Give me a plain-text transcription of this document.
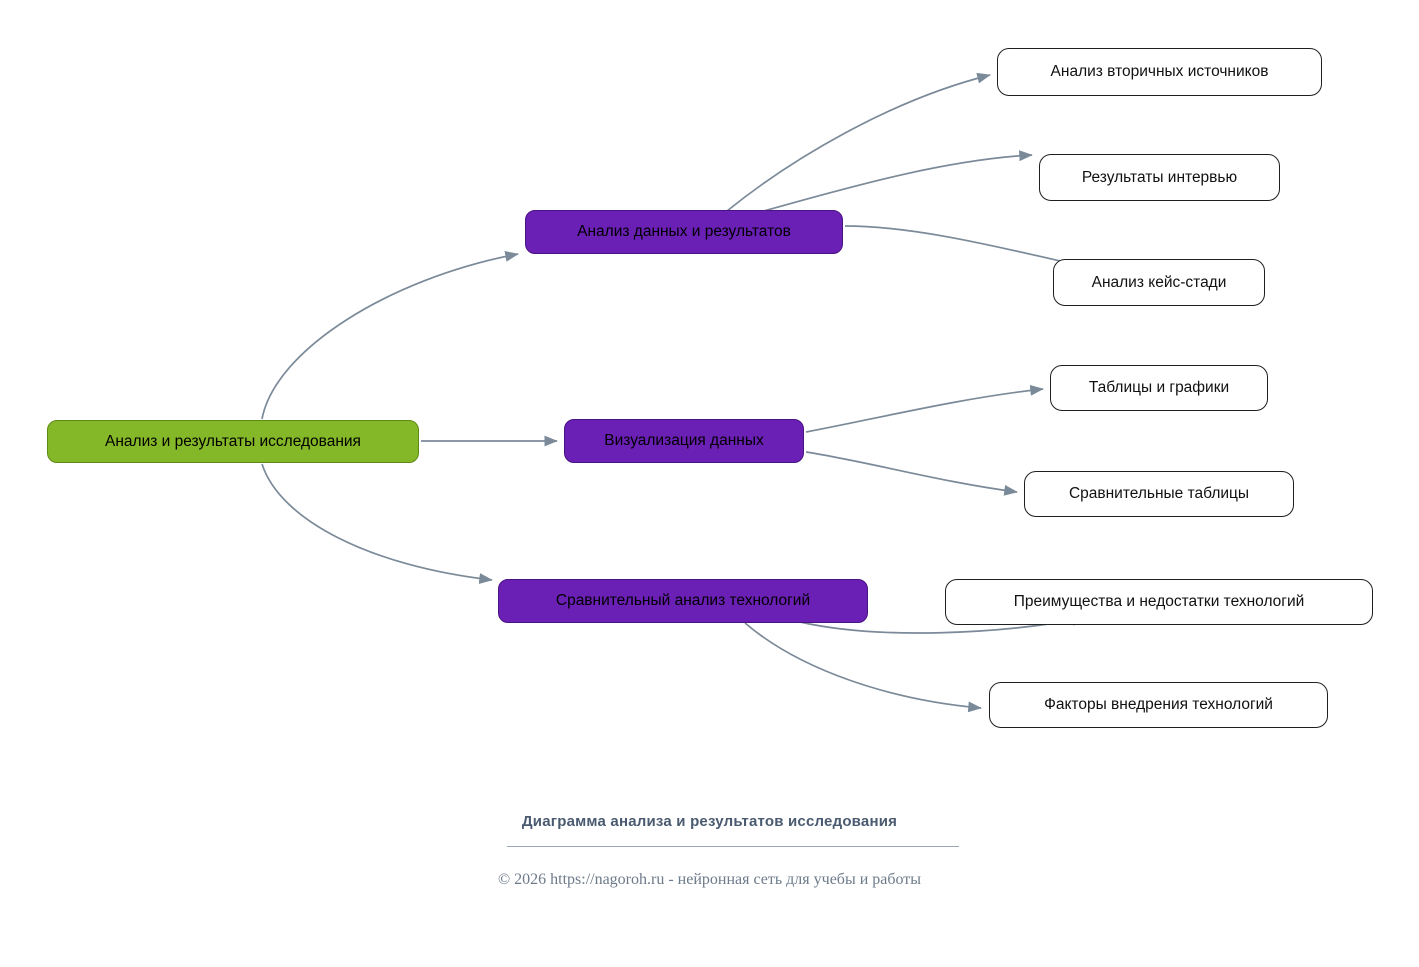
Анализ и результаты исследования
Анализ данных и результатов
Визуализация данных
Сравнительный анализ технологий
Анализ вторичных источников
Результаты интервью
Анализ кейс-стади
Таблицы и графики
Сравнительные таблицы
Преимущества и недостатки технологий
Факторы внедрения технологий
Диаграмма анализа и результатов исследования
© 2026 https://nagoroh.ru - нейронная сеть для учебы и работы
